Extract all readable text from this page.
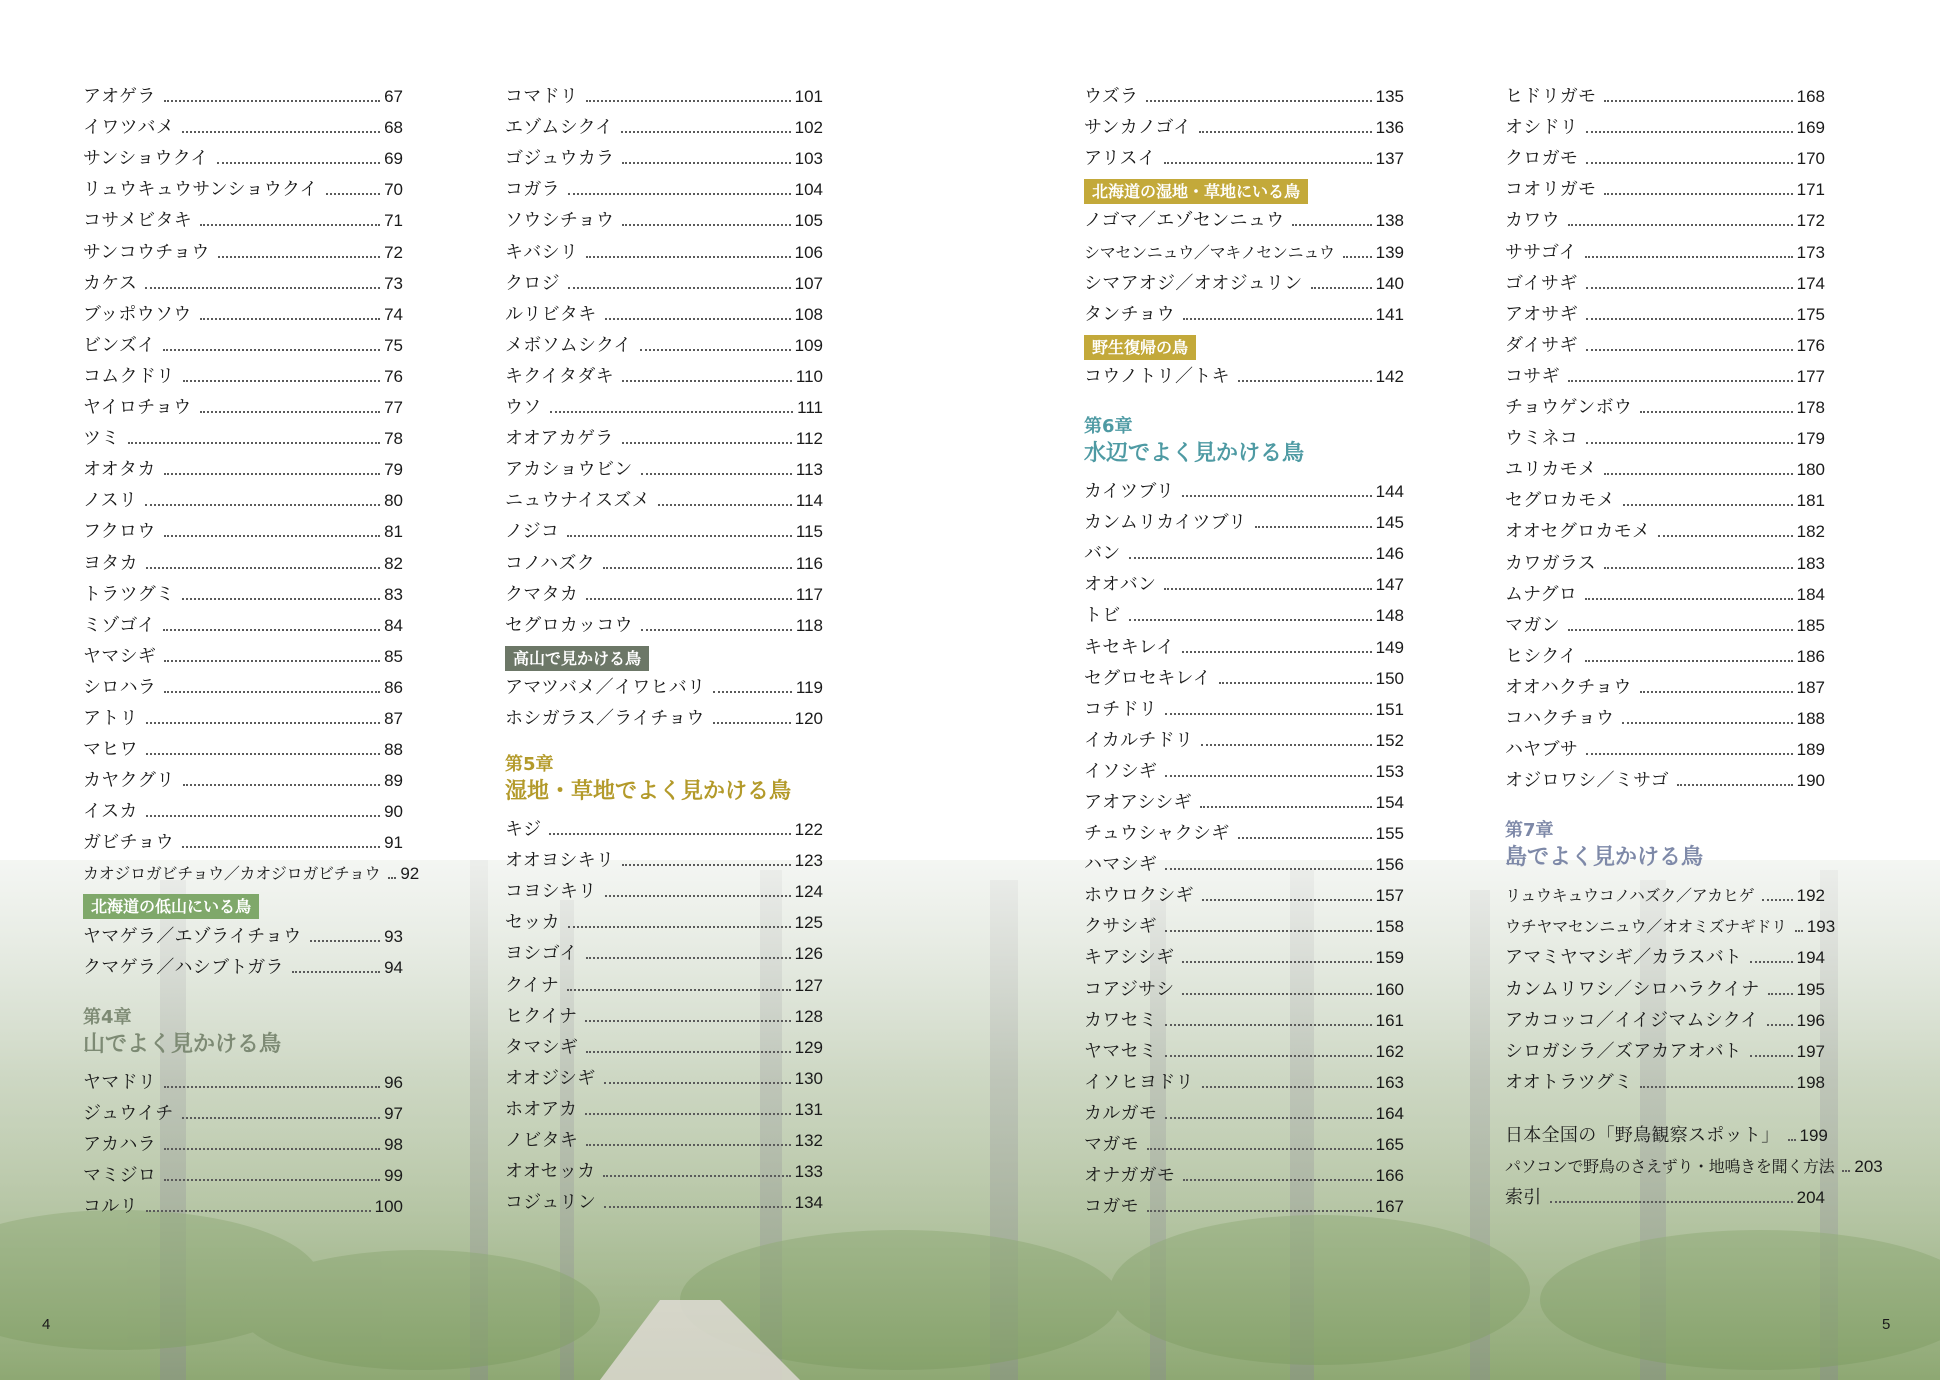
アオゲラ	67
イワツバメ	68
サンショウクイ	69
リュウキュウサンショウクイ	70
コサメビタキ	71
サンコウチョウ	72
カケス	73
ブッポウソウ	74
ビンズイ	75
コムクドリ	76
ヤイロチョウ	77
ツミ	78
オオタカ	79
ノスリ	80
フクロウ	81
ヨタカ	82
トラツグミ	83
ミゾゴイ	84
ヤマシギ	85
シロハラ	86
アトリ	87
マヒワ	88
カヤクグリ	89
イスカ	90
ガビチョウ	91
カオジロガビチョウ／カオジロガビチョウ 92
北海道の低山にいる鳥
ヤマゲラ／エゾライチョウ	93
クマゲラ／ハシブトガラ	94
第4章
山でよく見かける鳥
ヤマドリ	96
ジュウイチ	97
アカハラ	98
マミジロ	99
コルリ	100
コマドリ	101
エゾムシクイ	102
ゴジュウカラ	103
コガラ	104
ソウシチョウ	105
キバシリ	106
クロジ	107
ルリビタキ	108
メボソムシクイ	109
キクイタダキ	110
ウソ	111
オオアカゲラ	112
アカショウビン	113
ニュウナイスズメ	114
ノジコ	115
コノハズク	116
クマタカ	117
セグロカッコウ	118
高山で見かける鳥
アマツバメ／イワヒバリ	119
ホシガラス／ライチョウ	120
第5章
湿地・草地でよく見かける鳥
キジ	122
オオヨシキリ	123
コヨシキリ	124
セッカ	125
ヨシゴイ	126
クイナ	127
ヒクイナ	128
タマシギ	129
オオジシギ	130
ホオアカ	131
ノビタキ	132
オオセッカ	133
コジュリン	134
ウズラ	135
サンカノゴイ	136
アリスイ	137
北海道の湿地・草地にいる鳥
ノゴマ／エゾセンニュウ	138
シマセンニュウ／マキノセンニュウ 139
シマアオジ／オオジュリン	140
タンチョウ	141
野生復帰の鳥
コウノトリ／トキ	142
第6章
水辺でよく見かける鳥
カイツブリ	144
カンムリカイツブリ	145
バン	146
オオバン	147
トビ	148
キセキレイ	149
セグロセキレイ	150
コチドリ	151
イカルチドリ	152
イソシギ	153
アオアシシギ	154
チュウシャクシギ	155
ハマシギ	156
ホウロクシギ	157
クサシギ	158
キアシシギ	159
コアジサシ	160
カワセミ	161
ヤマセミ	162
イソヒヨドリ	163
カルガモ	164
マガモ	165
オナガガモ	166
コガモ	167
ヒドリガモ	168
オシドリ	169
クロガモ	170
コオリガモ	171
カワウ	172
ササゴイ	173
ゴイサギ	174
アオサギ	175
ダイサギ	176
コサギ	177
チョウゲンボウ	178
ウミネコ	179
ユリカモメ	180
セグロカモメ	181
オオセグロカモメ	182
カワガラス	183
ムナグロ	184
マガン	185
ヒシクイ	186
オオハクチョウ	187
コハクチョウ	188
ハヤブサ	189
オジロワシ／ミサゴ	190
第7章
島でよく見かける鳥
リュウキュウコノハズク／アカヒゲ 192
ウチヤマセンニュウ／オオミズナギドリ 193
アマミヤマシギ／カラスバト	194
カンムリワシ／シロハラクイナ 195
アカコッコ／イイジマムシクイ 196
シロガシラ／ズアカアオバト	197
オオトラツグミ	198
日本全国の「野鳥観察スポット」 199
パソコンで野鳥のさえずり・地鳴きを聞く方法 203
索引	204
4	5
